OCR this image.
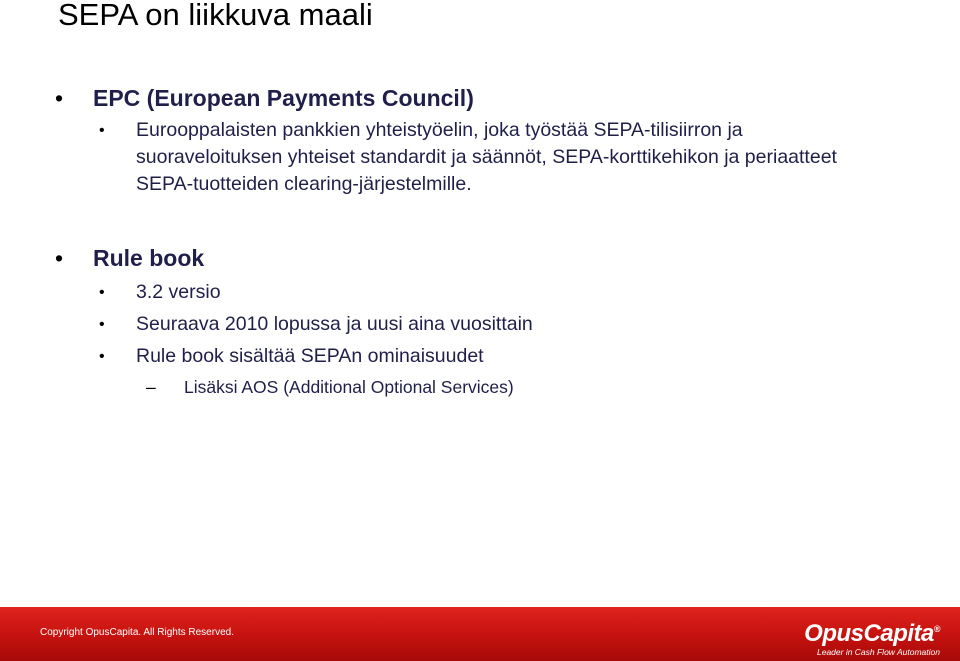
SEPA on liikkuva maali
• EPC (European Payments Council)
• Eurooppalaisten pankkien yhteistyöelin, joka työstää SEPA-tilisiirron ja suoraveloituksen yhteiset standardit ja säännöt, SEPA-korttikehikon ja periaatteet SEPA-tuotteiden clearing-järjestelmille.
• Rule book
• 3.2 versio
• Seuraava 2010 lopussa ja uusi aina vuosittain
• Rule book sisältää SEPAn ominaisuudet
– Lisäksi AOS (Additional Optional Services)
Copyright OpusCapita. All Rights Reserved.	OpusCapita®
Leader in Cash Flow Automation
